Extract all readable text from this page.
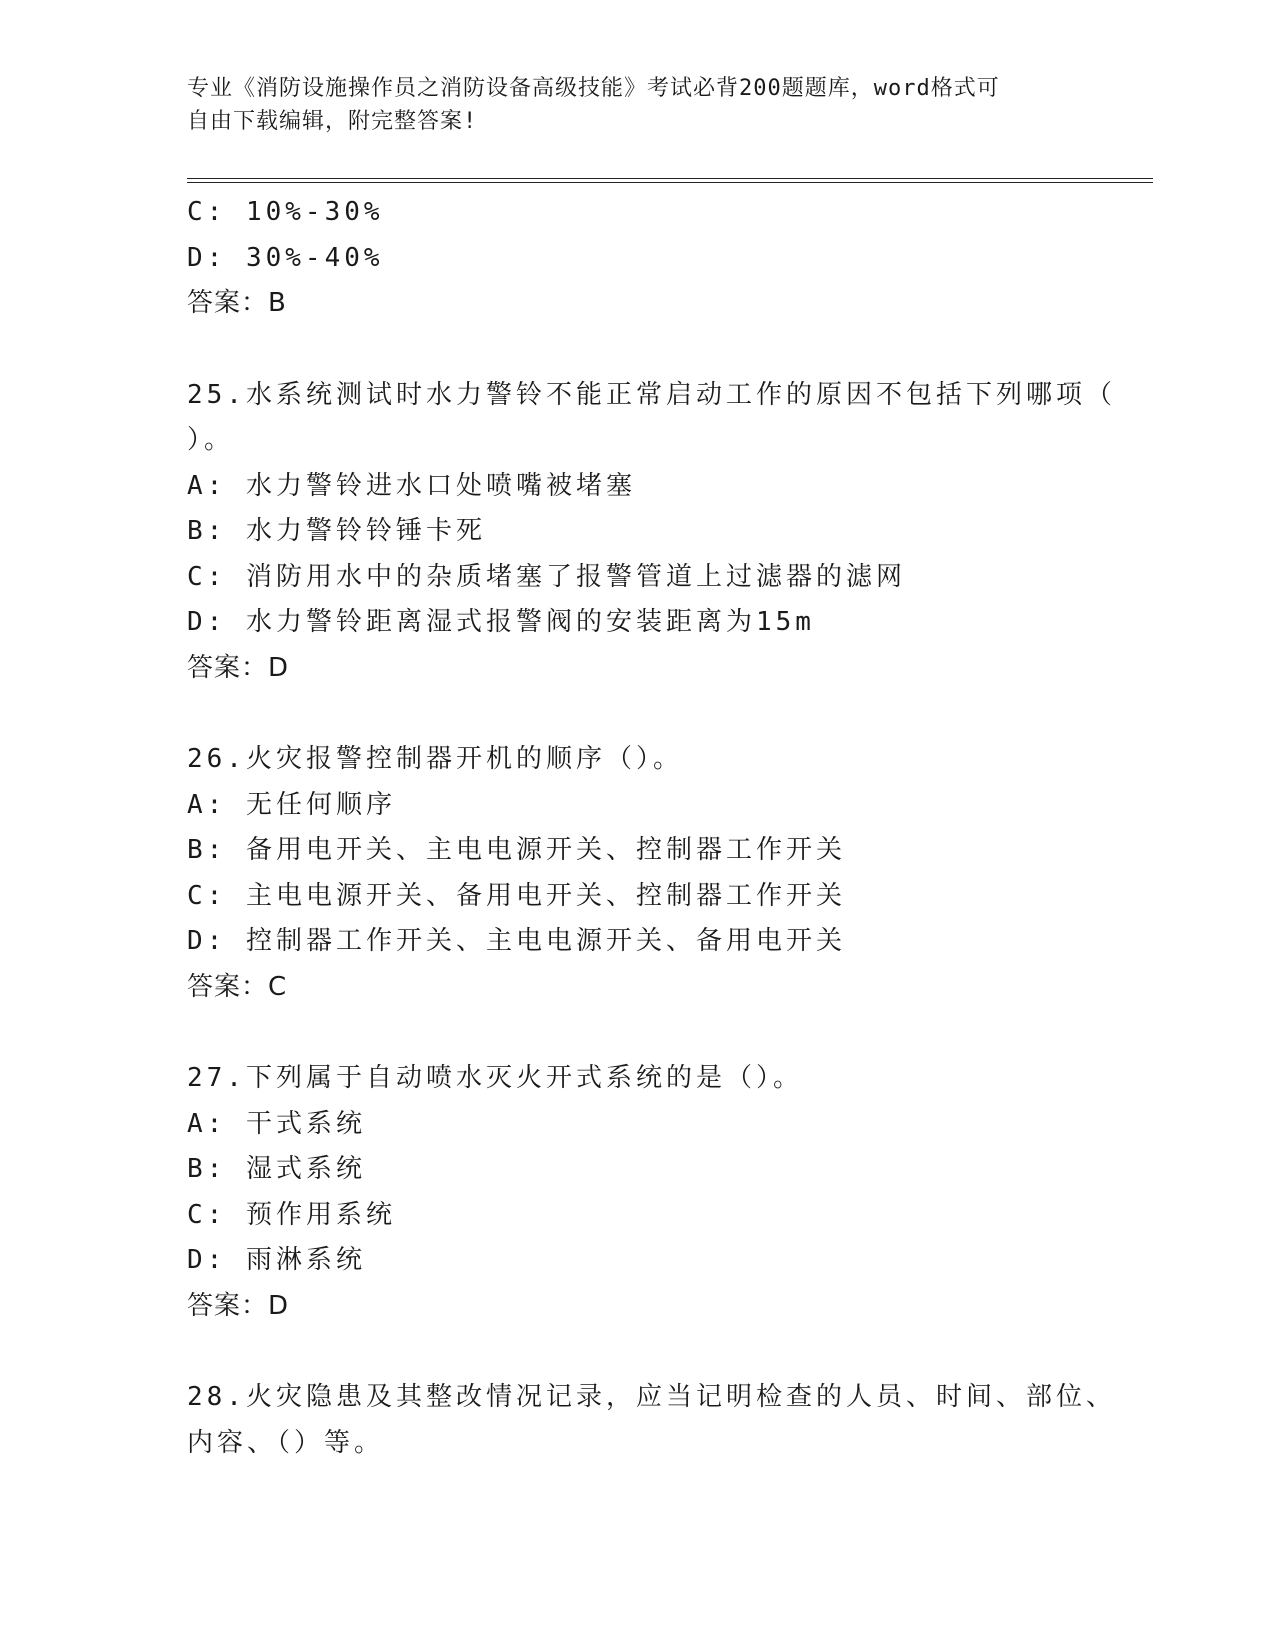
专业《消防设施操作员之消防设备高级技能》考试必背200题题库，word格式可
自由下载编辑，附完整答案!
C: 10%-30%
D: 30%-40%
答案：B
25.水系统测试时水力警铃不能正常启动工作的原因不包括下列哪项（
）。
A: 水力警铃进水口处喷嘴被堵塞
B: 水力警铃铃锤卡死
C: 消防用水中的杂质堵塞了报警管道上过滤器的滤网
D: 水力警铃距离湿式报警阀的安装距离为15m
答案：D
26.火灾报警控制器开机的顺序（）。
A: 无任何顺序
B: 备用电开关、主电电源开关、控制器工作开关
C: 主电电源开关、备用电开关、控制器工作开关
D: 控制器工作开关、主电电源开关、备用电开关
答案：C
27.下列属于自动喷水灭火开式系统的是（）。
A: 干式系统
B: 湿式系统
C: 预作用系统
D: 雨淋系统
答案：D
28.火灾隐患及其整改情况记录，应当记明检查的人员、时间、部位、
内容、（）等。
